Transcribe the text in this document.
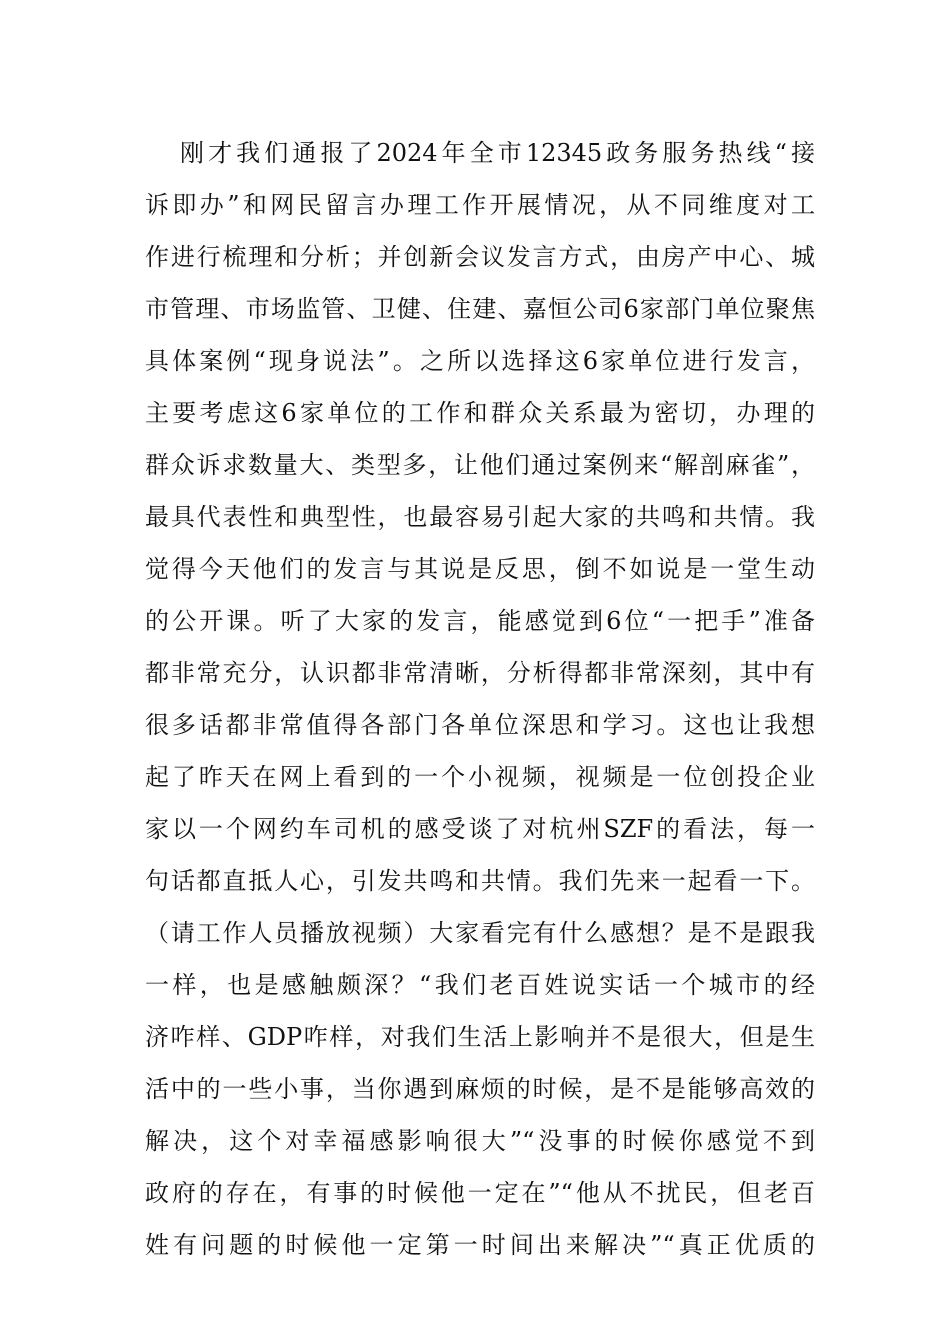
刚才我们通报了2024年全市12345政务服务热线“接
诉即办”和网民留言办理工作开展情况，从不同维度对工
作进行梳理和分析；并创新会议发言方式，由房产中心、城
市管理、市场监管、卫健、住建、嘉恒公司6家部门单位聚焦
具体案例“现身说法”。之所以选择这6家单位进行发言，
主要考虑这6家单位的工作和群众关系最为密切，办理的
群众诉求数量大、类型多，让他们通过案例来“解剖麻雀”，
最具代表性和典型性，也最容易引起大家的共鸣和共情。我
觉得今天他们的发言与其说是反思，倒不如说是一堂生动
的公开课。听了大家的发言，能感觉到6位“一把手”准备
都非常充分，认识都非常清晰，分析得都非常深刻，其中有
很多话都非常值得各部门各单位深思和学习。这也让我想
起了昨天在网上看到的一个小视频，视频是一位创投企业
家以一个网约车司机的感受谈了对杭州SZF的看法，每一
句话都直抵人心，引发共鸣和共情。我们先来一起看一下。
（请工作人员播放视频）大家看完有什么感想？是不是跟我
一样，也是感触颇深？“我们老百姓说实话一个城市的经
济咋样、GDP咋样，对我们生活上影响并不是很大，但是生
活中的一些小事，当你遇到麻烦的时候，是不是能够高效的
解决，这个对幸福感影响很大”“没事的时候你感觉不到
政府的存在，有事的时候他一定在”“他从不扰民，但老百
姓有问题的时候他一定第一时间出来解决”“真正优质的
